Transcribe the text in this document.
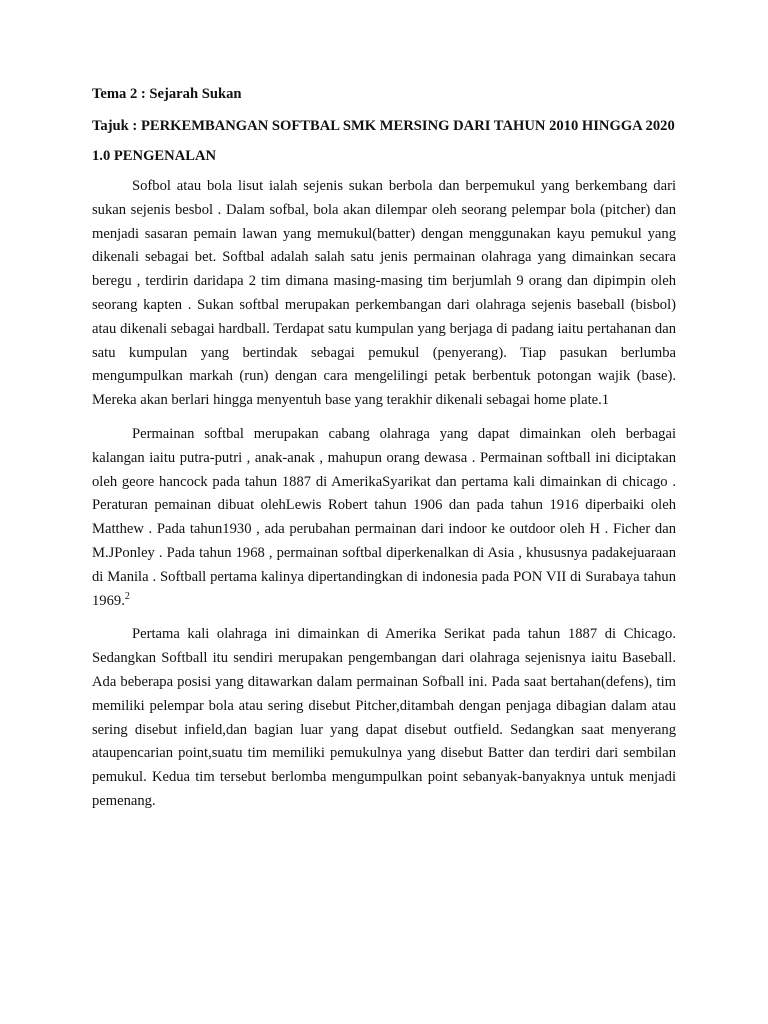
Tema 2 : Sejarah Sukan

Tajuk : PERKEMBANGAN SOFTBAL SMK MERSING DARI TAHUN 2010 HINGGA 2020

1.0 PENGENALAN

Sofbol atau bola lisut ialah sejenis sukan berbola dan berpemukul yang berkembang dari sukan sejenis besbol . Dalam sofbal, bola akan dilempar oleh seorang pelempar bola (pitcher) dan menjadi sasaran pemain lawan yang memukul(batter) dengan menggunakan kayu pemukul yang dikenali sebagai bet. Softbal adalah salah satu jenis permainan olahraga yang dimainkan secara beregu , terdirin daridapa 2 tim dimana masing-masing tim berjumlah 9 orang dan dipimpin oleh seorang kapten . Sukan softbal merupakan perkembangan dari olahraga sejenis baseball (bisbol) atau dikenali sebagai hardball. Terdapat satu kumpulan yang berjaga di padang iaitu pertahanan dan satu kumpulan yang bertindak sebagai pemukul (penyerang). Tiap pasukan berlumba mengumpulkan markah (run) dengan cara mengelilingi petak berbentuk potongan wajik (base). Mereka akan berlari hingga menyentuh base yang terakhir dikenali sebagai home plate.1

Permainan softbal merupakan cabang olahraga yang dapat dimainkan oleh berbagai kalangan iaitu putra-putri , anak-anak , mahupun orang dewasa . Permainan softball ini diciptakan oleh geore hancock pada tahun 1887 di AmerikaSyarikat dan pertama kali dimainkan di chicago . Peraturan pemainan dibuat olehLewis Robert tahun 1906 dan pada tahun 1916 diperbaiki oleh Matthew . Pada tahun1930 , ada perubahan permainan dari indoor ke outdoor oleh H . Ficher dan M.JPonley . Pada tahun 1968 , permainan softbal diperkenalkan di Asia , khususnya padakejuaraan di Manila . Softball pertama kalinya dipertandingkan di indonesia pada PON VII di Surabaya tahun 1969.$^2$

Pertama kali olahraga ini dimainkan di Amerika Serikat pada tahun 1887 di Chicago. Sedangkan Softball itu sendiri merupakan pengembangan dari olahraga sejenisnya iaitu Baseball. Ada beberapa posisi yang ditawarkan dalam permainan Sofball ini. Pada saat bertahan(defens), tim memiliki pelempar bola atau sering disebut Pitcher,ditambah dengan penjaga dibagian dalam atau sering disebut infield,dan bagian luar yang dapat disebut outfield. Sedangkan saat menyerang ataupencarian point,suatu tim memiliki pemukulnya yang disebut Batter dan terdiri dari sembilan pemukul. Kedua tim tersebut berlomba mengumpulkan point sebanyak-banyaknya untuk menjadi pemenang.
